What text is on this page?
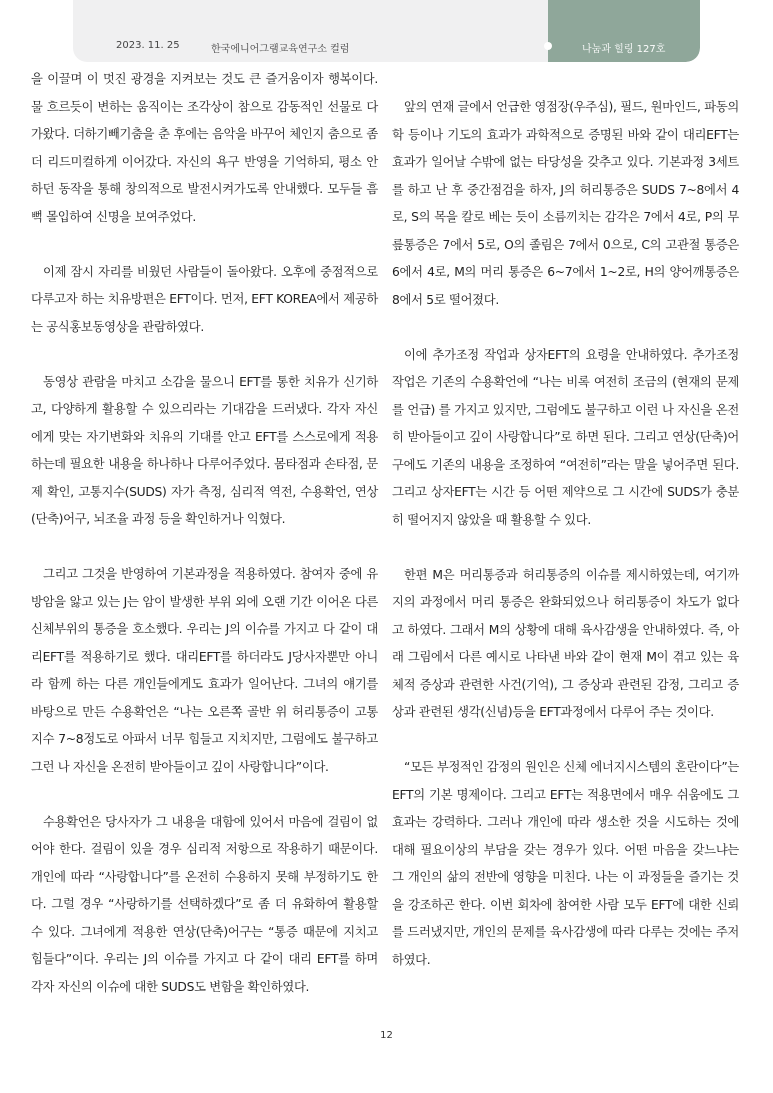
2023. 11. 25	한국에니어그램교육연구소 컬럼	나눔과 힐링 127호

을 이끌며 이 멋진 광경을 지켜보는 것도 큰 즐거움이자 행복이다. 물 흐르듯이 변하는 움직이는 조각상이 참으로 감동적인 선물로 다가왔다. 더하기빼기춤을 춘 후에는 음악을 바꾸어 체인지 춤으로 좀 더 리드미컬하게 이어갔다. 자신의 욕구 반영을 기억하되, 평소 안하던 동작을 통해 창의적으로 발전시켜가도록 안내했다. 모두들 흠뻑 몰입하여 신명을 보여주었다.

이제 잠시 자리를 비웠던 사람들이 돌아왔다. 오후에 중점적으로 다루고자 하는 치유방편은 EFT이다. 먼저, EFT KOREA에서 제공하는 공식홍보동영상을 관람하였다.

동영상 관람을 마치고 소감을 물으니 EFT를 통한 치유가 신기하고, 다양하게 활용할 수 있으리라는 기대감을 드러냈다. 각자 자신에게 맞는 자기변화와 치유의 기대를 안고 EFT를 스스로에게 적용하는데 필요한 내용을 하나하나 다루어주었다. 몸타점과 손타점, 문제 확인, 고통지수(SUDS) 자가 측정, 심리적 역전, 수용확언, 연상(단축)어구, 뇌조율 과정 등을 확인하거나 익혔다.

그리고 그것을 반영하여 기본과정을 적용하였다. 참여자 중에 유방암을 앓고 있는 J는 암이 발생한 부위 외에 오랜 기간 이어온 다른 신체부위의 통증을 호소했다. 우리는 J의 이슈를 가지고 다 같이 대리EFT를 적용하기로 했다. 대리EFT를 하더라도 J당사자뿐만 아니라 함께 하는 다른 개인들에게도 효과가 일어난다. 그녀의 얘기를 바탕으로 만든 수용확언은 “나는 오른쪽 골반 위 허리통증이 고통지수 7~8정도로 아파서 너무 힘들고 지치지만, 그럼에도 불구하고 그런 나 자신을 온전히 받아들이고 깊이 사랑합니다”이다.

수용확언은 당사자가 그 내용을 대함에 있어서 마음에 걸림이 없어야 한다. 걸림이 있을 경우 심리적 저항으로 작용하기 때문이다. 개인에 따라 “사랑합니다”를 온전히 수용하지 못해 부정하기도 한다. 그럴 경우 “사랑하기를 선택하겠다”로 좀 더 유화하여 활용할 수 있다. 그녀에게 적용한 연상(단축)어구는 “통증 때문에 지치고 힘들다”이다. 우리는 J의 이슈를 가지고 다 같이 대리 EFT를 하며 각자 자신의 이슈에 대한 SUDS도 변함을 확인하였다.

앞의 연재 글에서 언급한 영점장(우주심), 필드, 원마인드, 파동의학 등이나 기도의 효과가 과학적으로 증명된 바와 같이 대리EFT는 효과가 일어날 수밖에 없는 타당성을 갖추고 있다. 기본과정 3세트를 하고 난 후 중간점검을 하자, J의 허리통증은 SUDS 7~8에서 4로, S의 목을 칼로 베는 듯이 소름끼치는 감각은 7에서 4로, P의 무릎통증은 7에서 5로, O의 졸림은 7에서 0으로, C의 고관절 통증은 6에서 4로, M의 머리 통증은 6~7에서 1~2로, H의 양어깨통증은 8에서 5로 떨어졌다.

이에 추가조정 작업과 상자EFT의 요령을 안내하였다. 추가조정 작업은 기존의 수용확언에 “나는 비록 여전히 조금의 (현재의 문제를 언급) 를 가지고 있지만, 그럼에도 불구하고 이런 나 자신을 온전히 받아들이고 깊이 사랑합니다”로 하면 된다. 그리고 연상(단축)어구에도 기존의 내용을 조정하여 “여전히”라는 말을 넣어주면 된다. 그리고 상자EFT는 시간 등 어떤 제약으로 그 시간에 SUDS가 충분히 떨어지지 않았을 때 활용할 수 있다.

한편 M은 머리통증과 허리통증의 이슈를 제시하였는데, 여기까지의 과정에서 머리 통증은 완화되었으나 허리통증이 차도가 없다고 하였다. 그래서 M의 상황에 대해 육사감생을 안내하였다. 즉, 아래 그림에서 다른 예시로 나타낸 바와 같이 현재 M이 겪고 있는 육체적 증상과 관련한 사건(기억), 그 증상과 관련된 감정, 그리고 증상과 관련된 생각(신념)등을 EFT과정에서 다루어 주는 것이다.

“모든 부정적인 감정의 원인은 신체 에너지시스템의 혼란이다”는 EFT의 기본 명제이다. 그리고 EFT는 적용면에서 매우 쉬움에도 그 효과는 강력하다. 그러나 개인에 따라 생소한 것을 시도하는 것에 대해 필요이상의 부담을 갖는 경우가 있다. 어떤 마음을 갖느냐는 그 개인의 삶의 전반에 영향을 미친다. 나는 이 과정들을 즐기는 것을 강조하곤 한다. 이번 회차에 참여한 사람 모두 EFT에 대한 신뢰를 드러냈지만, 개인의 문제를 육사감생에 따라 다루는 것에는 주저하였다.

12
